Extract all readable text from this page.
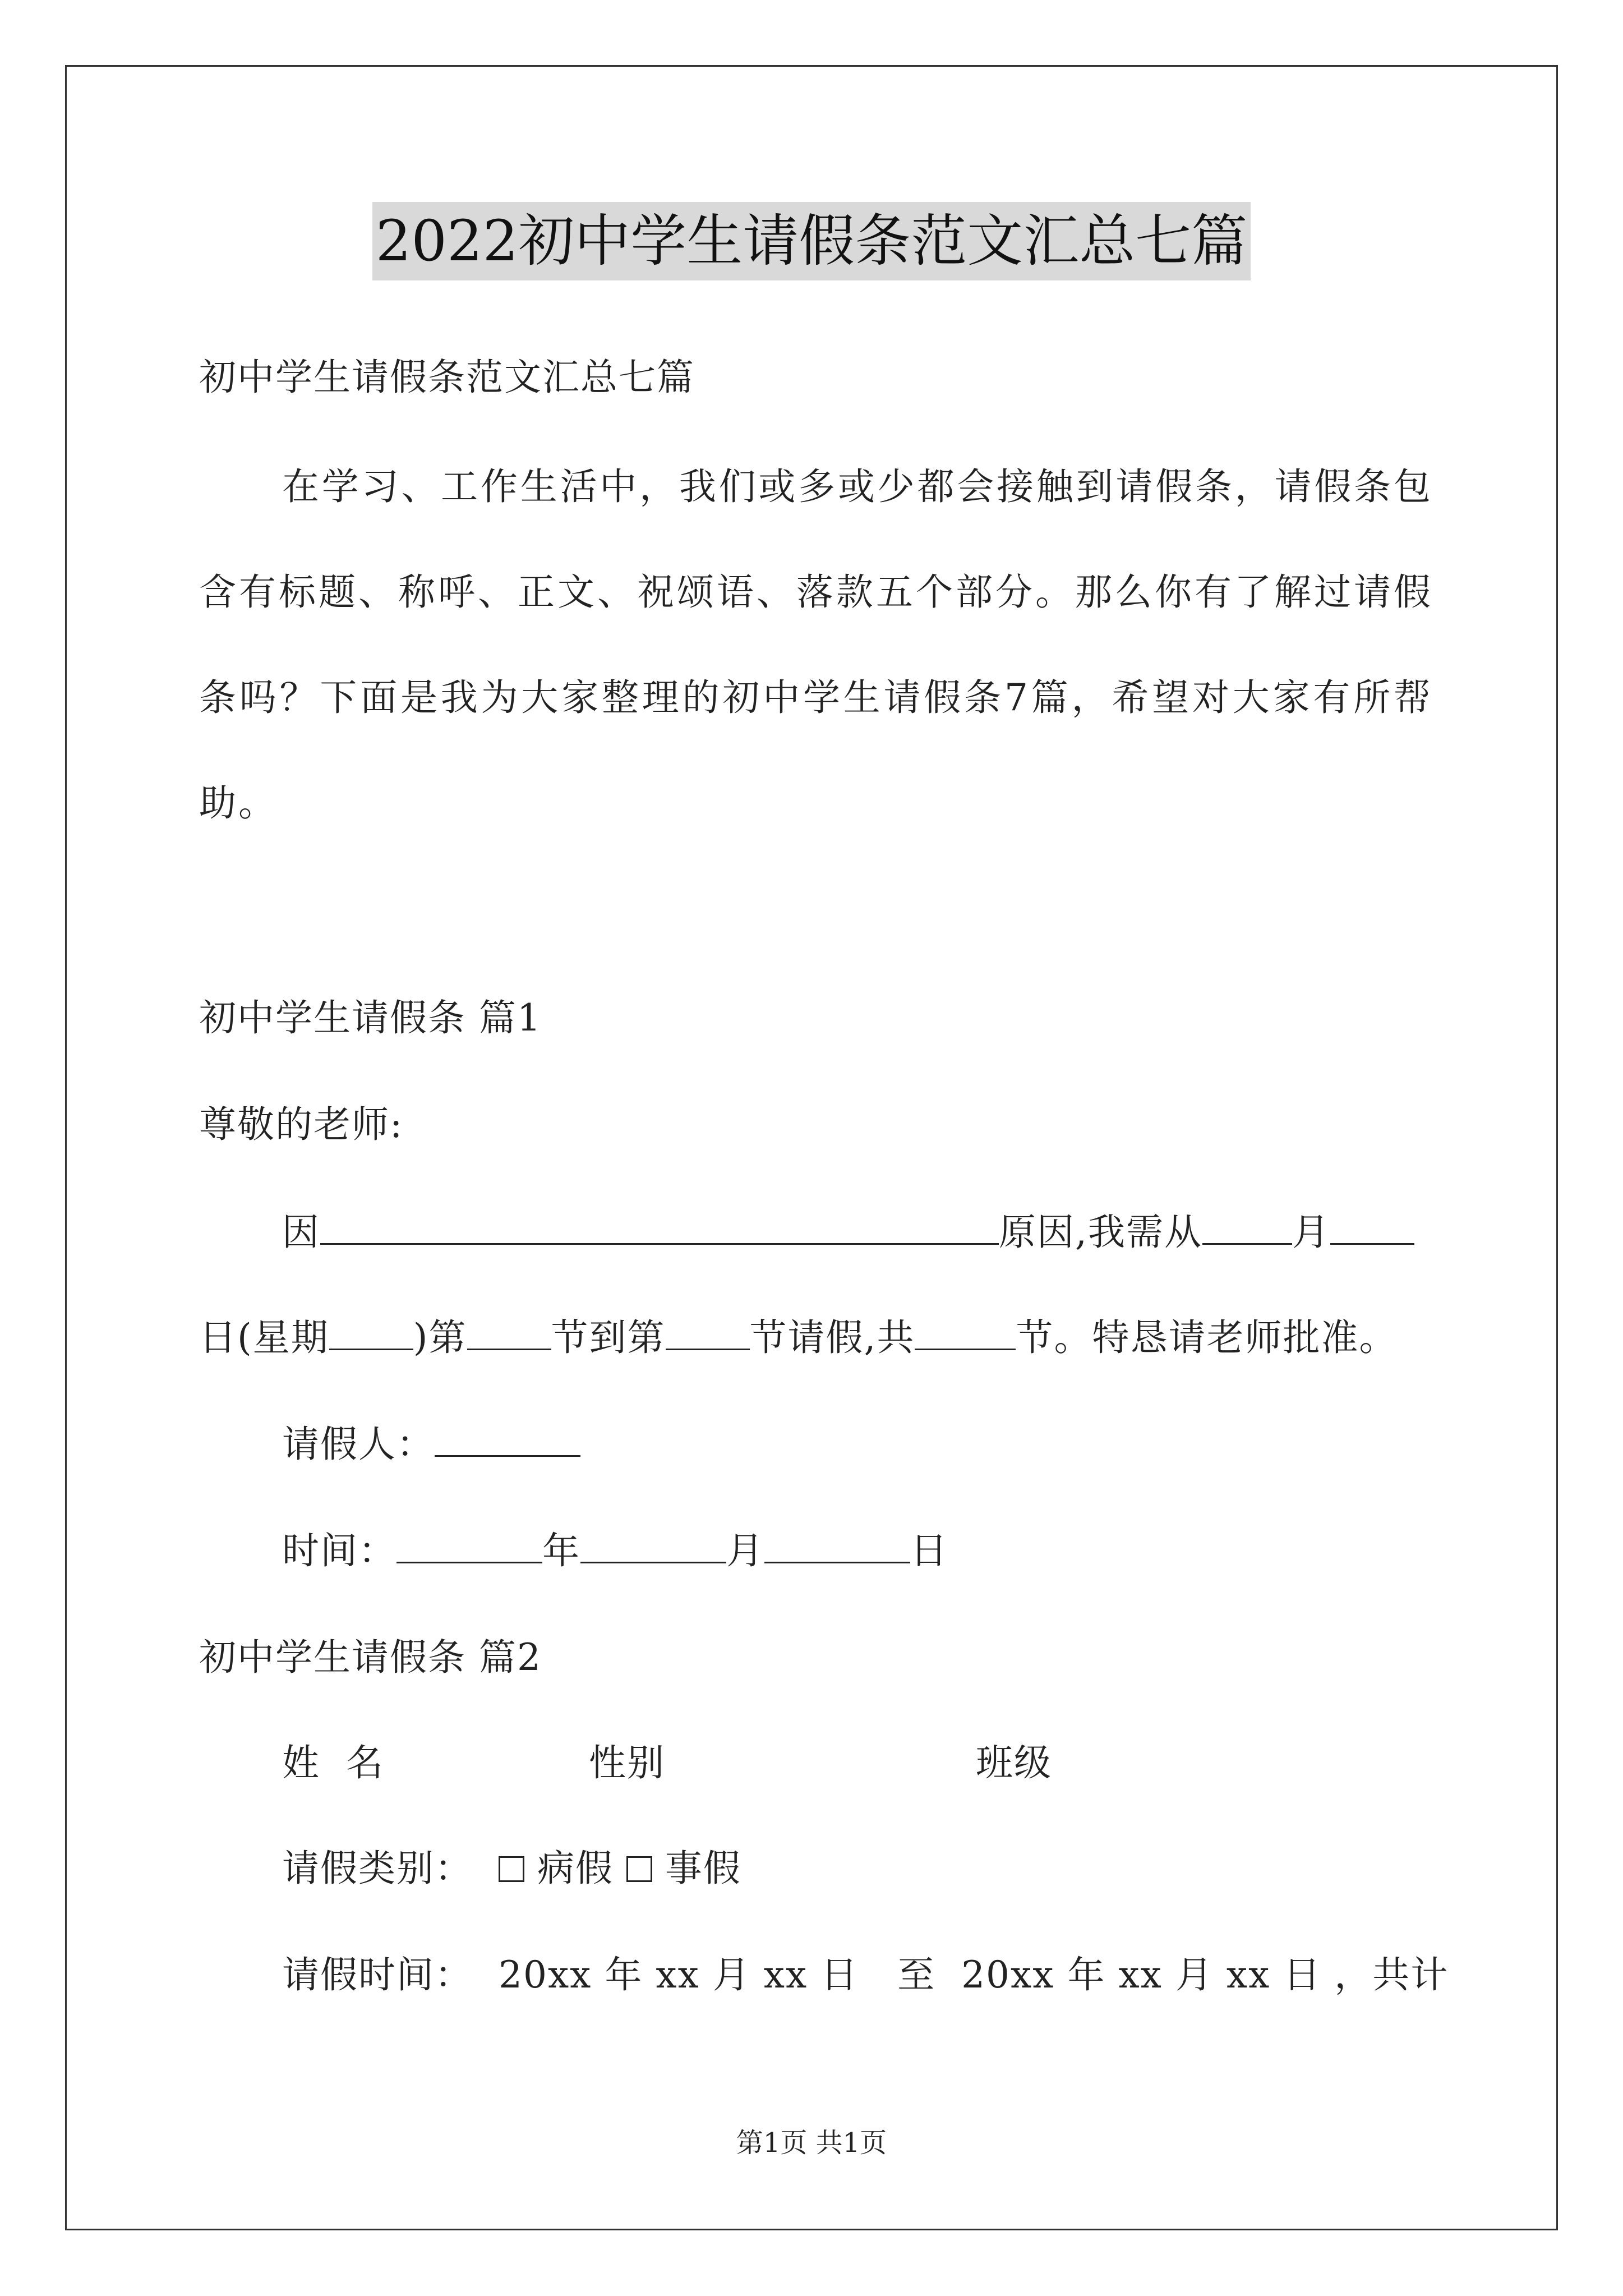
2022初中学生请假条范文汇总七篇
初中学生请假条范文汇总七篇
在学习、工作生活中，我们或多或少都会接触到请假条，请假条包含有标题、称呼、正文、祝颂语、落款五个部分。那么你有了解过请假条吗？下面是我为大家整理的初中学生请假条7篇，希望对大家有所帮助。
初中学生请假条 篇1
尊敬的老师:
因	原因,我需从 月
日(星期 )第 节到第 节请假,共	节。特恳请老师批准。
请假人：
时间：	年	月	日
初中学生请假条 篇2
姓  名	性别	班级
请假类别： 病假 事假
请假时间：  20xx 年 xx 月 xx 日   至  20xx 年 xx 月 xx 日 ，共计
第1页 共1页
